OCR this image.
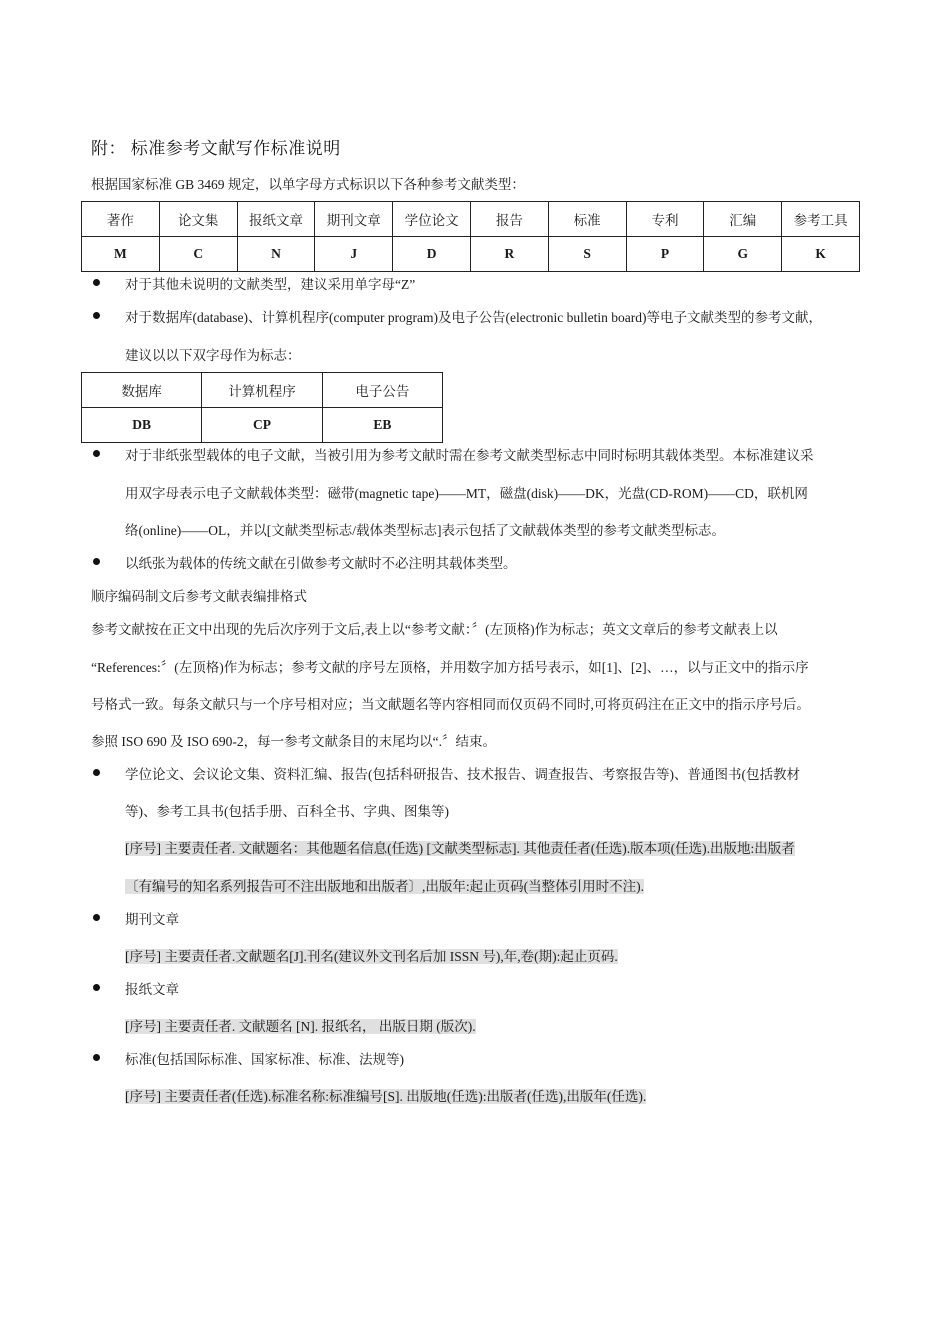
附： 标准参考文献写作标准说明
根据国家标准 GB 3469 规定，以单字母方式标识以下各种参考文献类型：
著作	论文集	报纸文章	期刊文章	学位论文	报告	标准	专利	汇编	参考工具
M	C	N	J	D	R	S	P	G	K
对于其他未说明的文献类型，建议采用单字母“Z”
对于数据库(database)、计算机程序(computer program)及电子公告(electronic bulletin board)等电子文献类型的参考文献，
建议以以下双字母作为标志：
数据库	计算机程序	电子公告
DB	CP	EB
对于非纸张型载体的电子文献，当被引用为参考文献时需在参考文献类型标志中同时标明其载体类型。本标准建议采
用双字母表示电子文献载体类型：磁带(magnetic tape)——MT，磁盘(disk)——DK，光盘(CD-ROM)——CD，联机网
络(online)——OL，并以[文献类型标志/载体类型标志]表示包括了文献载体类型的参考文献类型标志。
以纸张为载体的传统文献在引做参考文献时不必注明其载体类型。
顺序编码制文后参考文献表编排格式
参考文献按在正文中出现的先后次序列于文后,表上以“参考文献：〞(左顶格)作为标志；英文文章后的参考文献表上以
“References:〞(左顶格)作为标志；参考文献的序号左顶格，并用数字加方括号表示，如[1]、[2]、…，以与正文中的指示序
号格式一致。每条文献只与一个序号相对应；当文献题名等内容相同而仅页码不同时,可将页码注在正文中的指示序号后。
参照 ISO 690 及 ISO 690-2，每一参考文献条目的末尾均以“.〞结束。
学位论文、会议论文集、资料汇编、报告(包括科研报告、技术报告、调查报告、考察报告等)、普通图书(包括教材
等)、参考工具书(包括手册、百科全书、字典、图集等)
[序号] 主要责任者. 文献题名：其他题名信息(任选) [文献类型标志]. 其他责任者(任选).版本项(任选).出版地:出版者
〔有编号的知名系列报告可不注出版地和出版者〕,出版年:起止页码(当整体引用时不注).
期刊文章
[序号] 主要责任者.文献题名[J].刊名(建议外文刊名后加 ISSN 号),年,卷(期):起止页码.
报纸文章
[序号] 主要责任者. 文献题名 [N]. 报纸名， 出版日期 (版次).
标准(包括国际标准、国家标准、标准、法规等)
[序号] 主要责任者(任选).标准名称:标准编号[S]. 出版地(任选):出版者(任选),出版年(任选).
